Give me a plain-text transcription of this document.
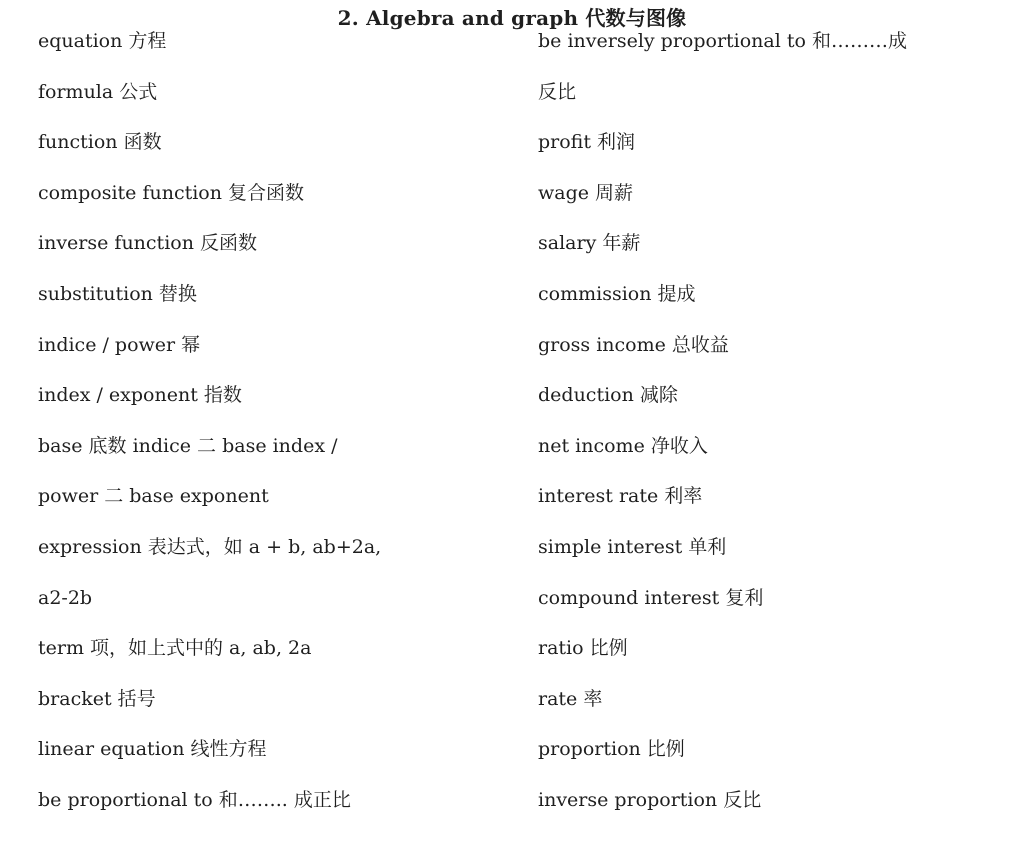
2. Algebra and graph 代数与图像
equation 方程
formula 公式
function 函数
composite function 复合函数
inverse function 反函数
substitution 替换
indice / power 幂
index / exponent 指数
base 底数 indice 二 base index /
power 二 base exponent
expression 表达式，如 a + b, ab+2a,
a2-2b
term 项，如上式中的 a, ab, 2a
bracket 括号
linear equation 线性方程
be proportional to 和…….. 成正比
be inversely proportional to 和………成
反比
profit 利润
wage 周薪
salary 年薪
commission 提成
gross income 总收益
deduction 减除
net income 净收入
interest rate 利率
simple interest 单利
compound interest 复利
ratio 比例
rate 率
proportion 比例
inverse proportion 反比
